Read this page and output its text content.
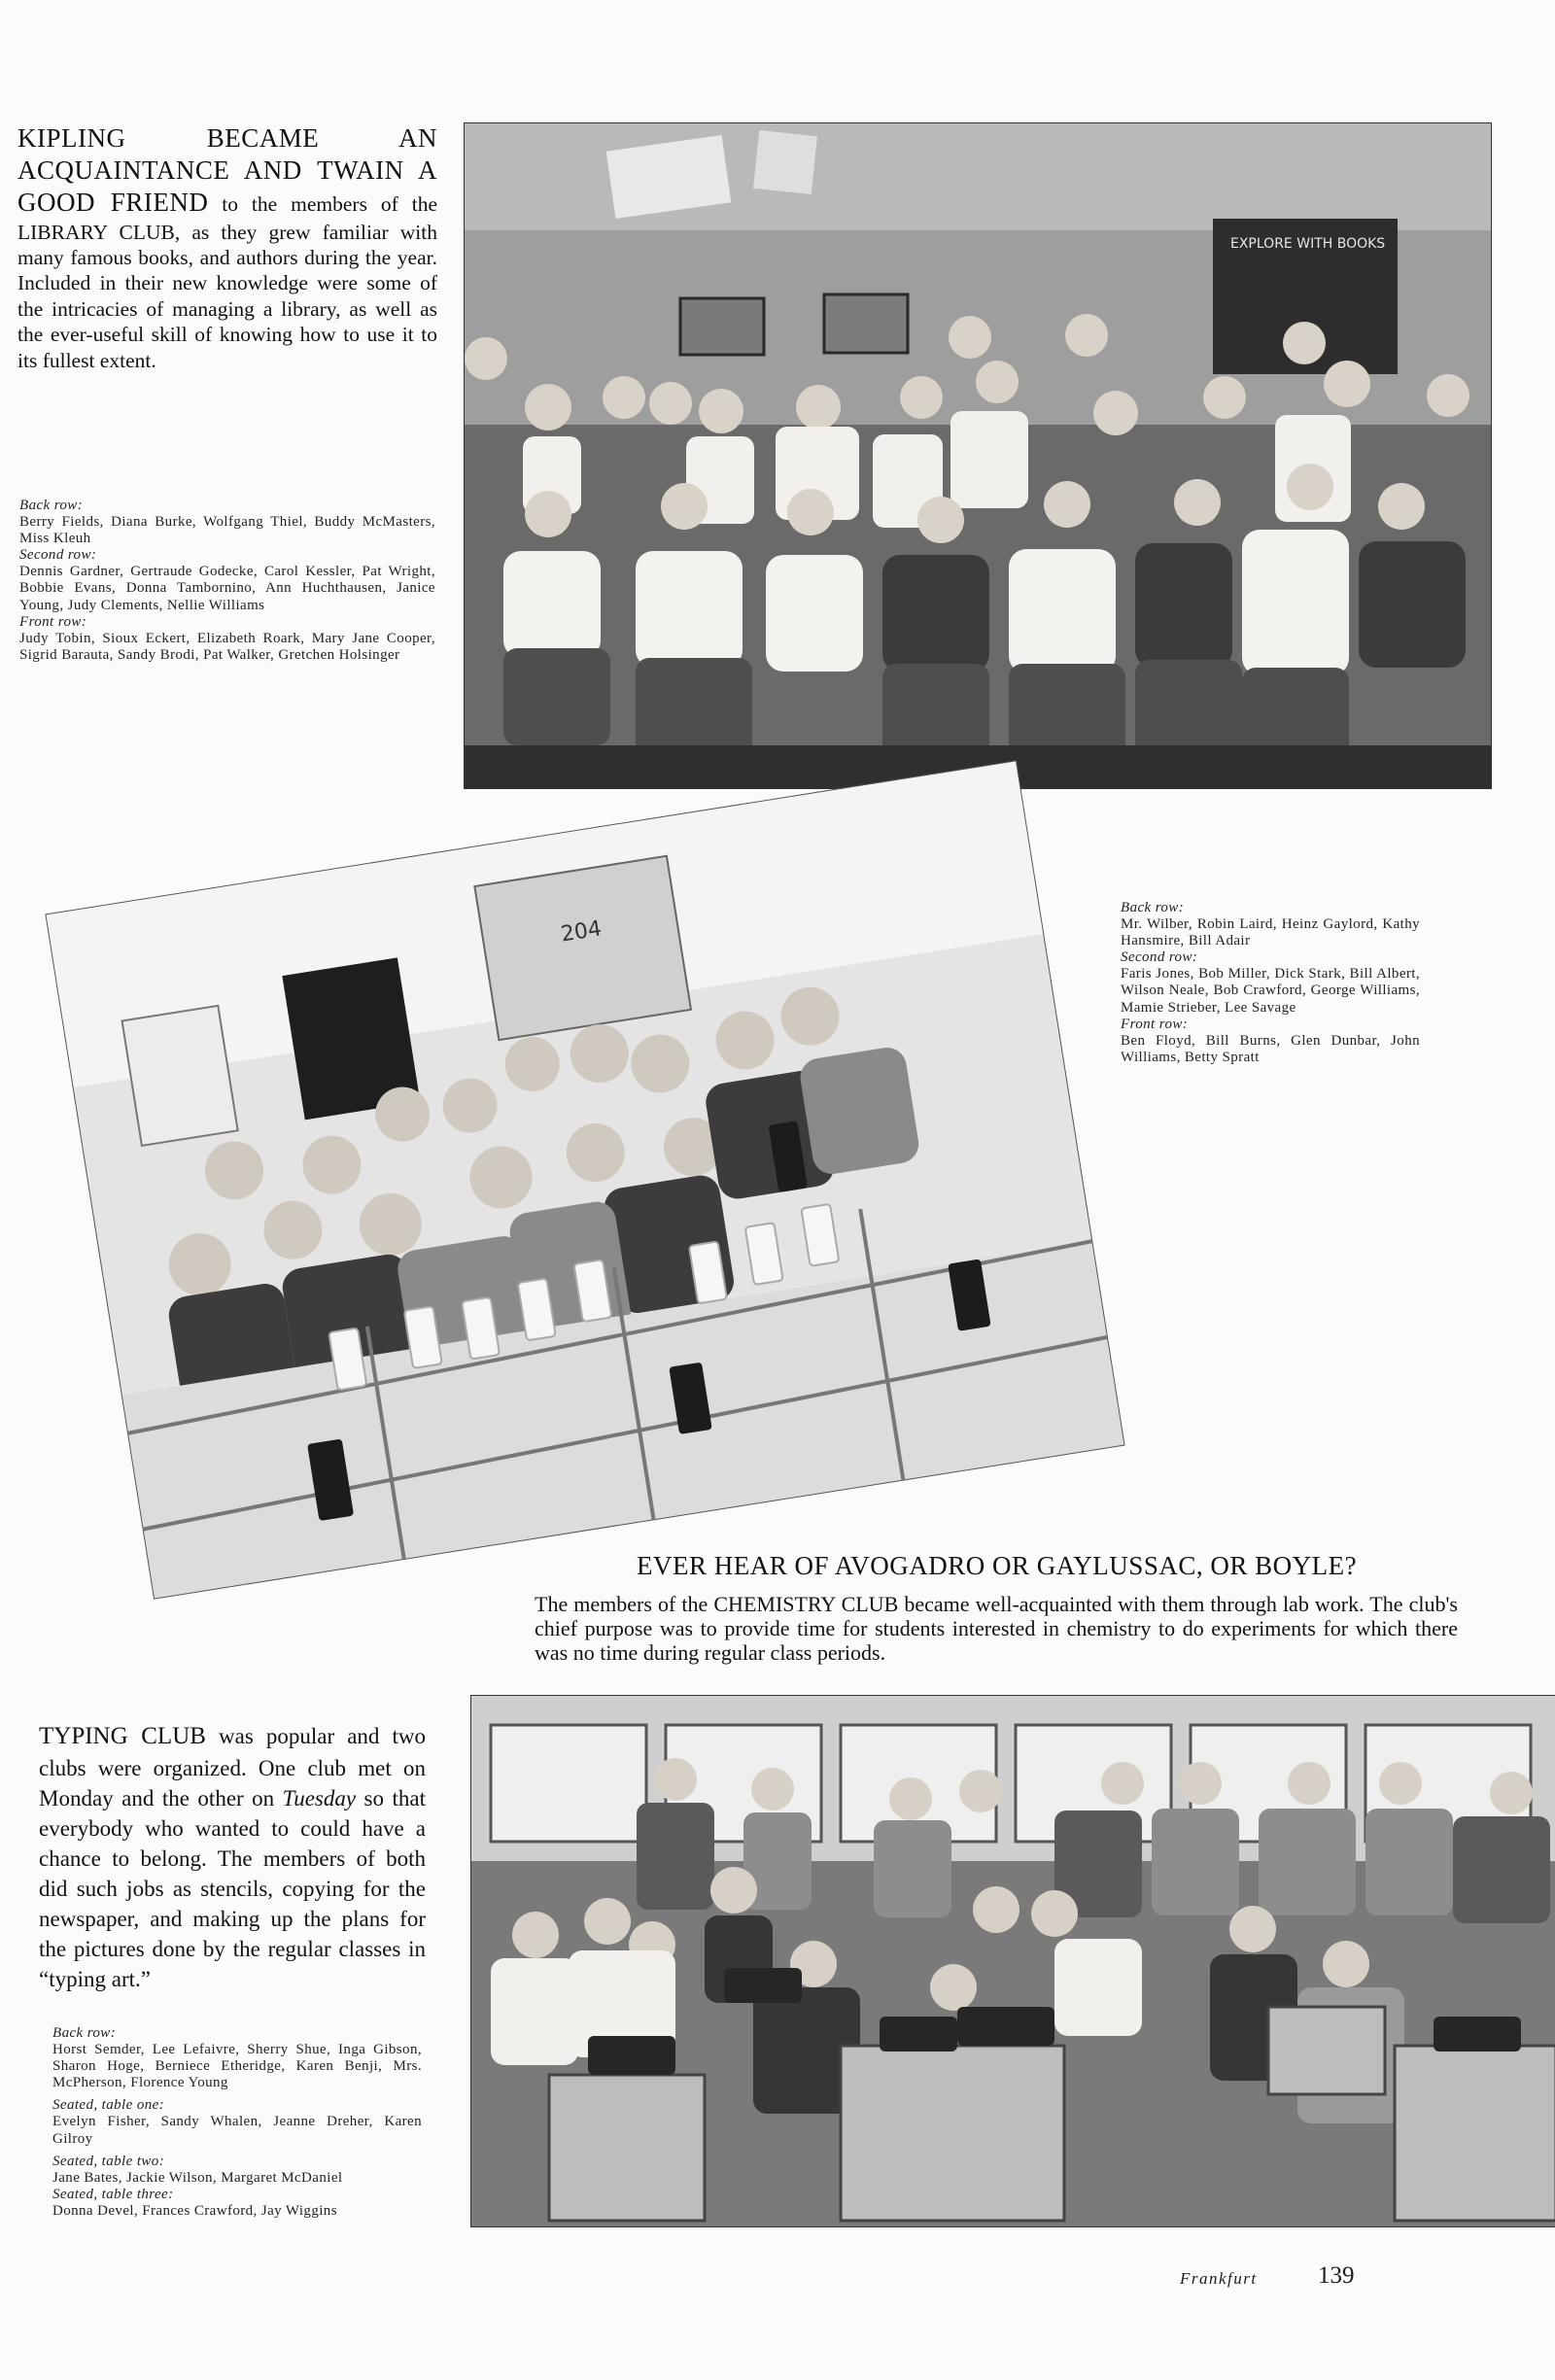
KIPLING BECAME AN ACQUAINTANCE AND TWAIN A GOOD FRIEND to the members of the LIBRARY CLUB, as they grew familiar with many famous books, and authors during the year. Included in their new knowledge were some of the intricacies of managing a library, as well as the ever-useful skill of knowing how to use it to its fullest extent.
Back row:
Berry Fields, Diana Burke, Wolfgang Thiel, Buddy McMasters, Miss Kleuh
Second row:
Dennis Gardner, Gertraude Godecke, Carol Kessler, Pat Wright, Bobbie Evans, Donna Tambornino, Ann Huchthausen, Janice Young, Judy Clements, Nellie Williams
Front row:
Judy Tobin, Sioux Eckert, Elizabeth Roark, Mary Jane Cooper, Sigrid Barauta, Sandy Brodi, Pat Walker, Gretchen Holsinger
EXPLORE WITH BOOKS
204
Back row:
Mr. Wilber, Robin Laird, Heinz Gaylord, Kathy Hansmire, Bill Adair
Second row:
Faris Jones, Bob Miller, Dick Stark, Bill Albert, Wilson Neale, Bob Crawford, George Williams, Mamie Strieber, Lee Savage
Front row:
Ben Floyd, Bill Burns, Glen Dunbar, John Williams, Betty Spratt
EVER HEAR OF AVOGADRO OR GAYLUSSAC, OR BOYLE?
The members of the CHEMISTRY CLUB became well-acquainted with them through lab work. The club's chief purpose was to provide time for students interested in chemistry to do experiments for which there was no time during regular class periods.
TYPING CLUB was popular and two clubs were organized. One club met on Monday and the other on Tuesday so that everybody who wanted to could have a chance to belong. The members of both did such jobs as stencils, copying for the newspaper, and making up the plans for the pictures done by the regular classes in “typing art.”
Back row:
Horst Semder, Lee Lefaivre, Sherry Shue, Inga Gibson, Sharon Hoge, Berniece Etheridge, Karen Benji, Mrs. McPherson, Florence Young
Seated, table one:
Evelyn Fisher, Sandy Whalen, Jeanne Dreher, Karen Gilroy
Seated, table two:
Jane Bates, Jackie Wilson, Margaret McDaniel
Seated, table three:
Donna Devel, Frances Crawford, Jay Wiggins
Frankfurt 139
